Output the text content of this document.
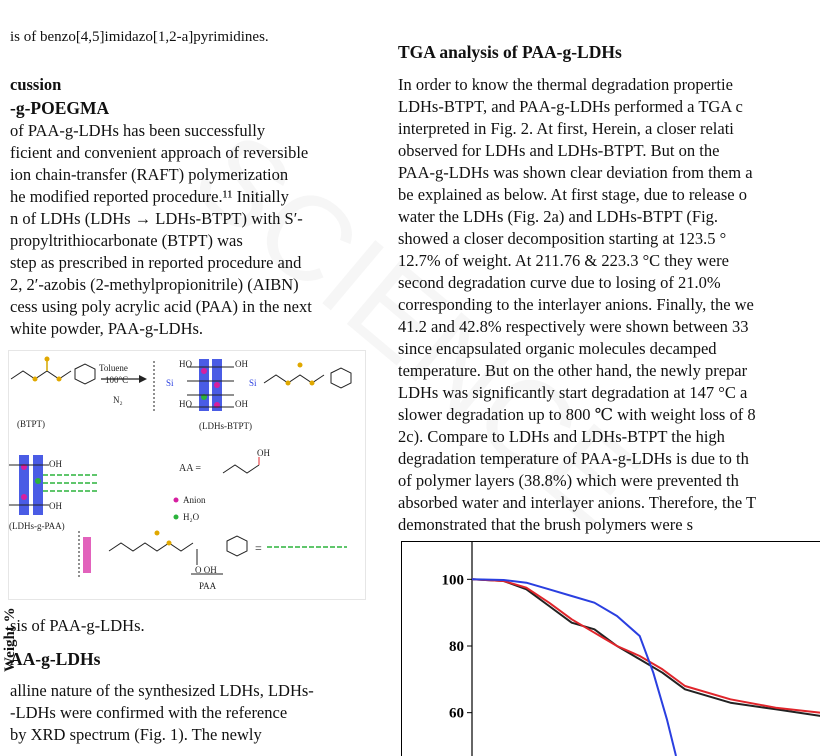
is of benzo[4,5]imidazo[1,2-a]pyrimidines.
cussion
-g-POEGMA
of PAA-g-LDHs has been successfully
ficient and convenient approach of reversible
ion chain-transfer (RAFT) polymerization
he modified reported procedure.¹¹ Initially
n of LDHs (LDHs → LDHs-BTPT) with S′-
propyltrithiocarbonate (BTPT) was
step as prescribed in reported procedure and
2, 2′-azobis (2-methylpropionitrile) (AIBN)
cess using poly acrylic acid (PAA) in the next
white powder, PAA-g-LDHs.
Toluene
100°C
N₂
HO	OH
HO	OH
Si	Si
(BTPT)	(LDHs-BTPT)
OH
OH
(LDHs-g-PAA)
AA =
OH
Anion
H₂O
O OH
PAA
=
sis of PAA-g-LDHs.
AA-g-LDHs
alline nature of the synthesized LDHs, LDHs-
-LDHs were confirmed with the reference
by XRD spectrum (Fig. 1). The newly
TGA analysis of PAA-g-LDHs
In order to know the thermal degradation propertie
LDHs-BTPT, and PAA-g-LDHs performed a TGA c
interpreted in Fig. 2. At first, Herein, a closer relati
observed for LDHs and LDHs-BTPT. But on the
PAA-g-LDHs was shown clear deviation from them a
be explained as below. At first stage, due to release o
water the LDHs (Fig. 2a) and LDHs-BTPT (Fig.
showed a closer decomposition starting at 123.5 °
12.7% of weight. At 211.76 & 223.3 °C they were
second degradation curve due to losing of 21.0%
corresponding to the interlayer anions. Finally, the we
41.2 and 42.8% respectively were shown between 33
since encapsulated organic molecules decamped
temperature. But on the other hand, the newly prepar
LDHs was significantly start degradation at 147 °C a
slower degradation up to 800 ℃ with weight loss of 8
2c). Compare to LDHs and LDHs-BTPT the high
degradation temperature of PAA-g-LDHs is due to th
of polymer layers (38.8%) which were prevented th
absorbed water and interlayer anions. Therefore, the T
demonstrated that the brush polymers were s
100
80
60
Weight %
